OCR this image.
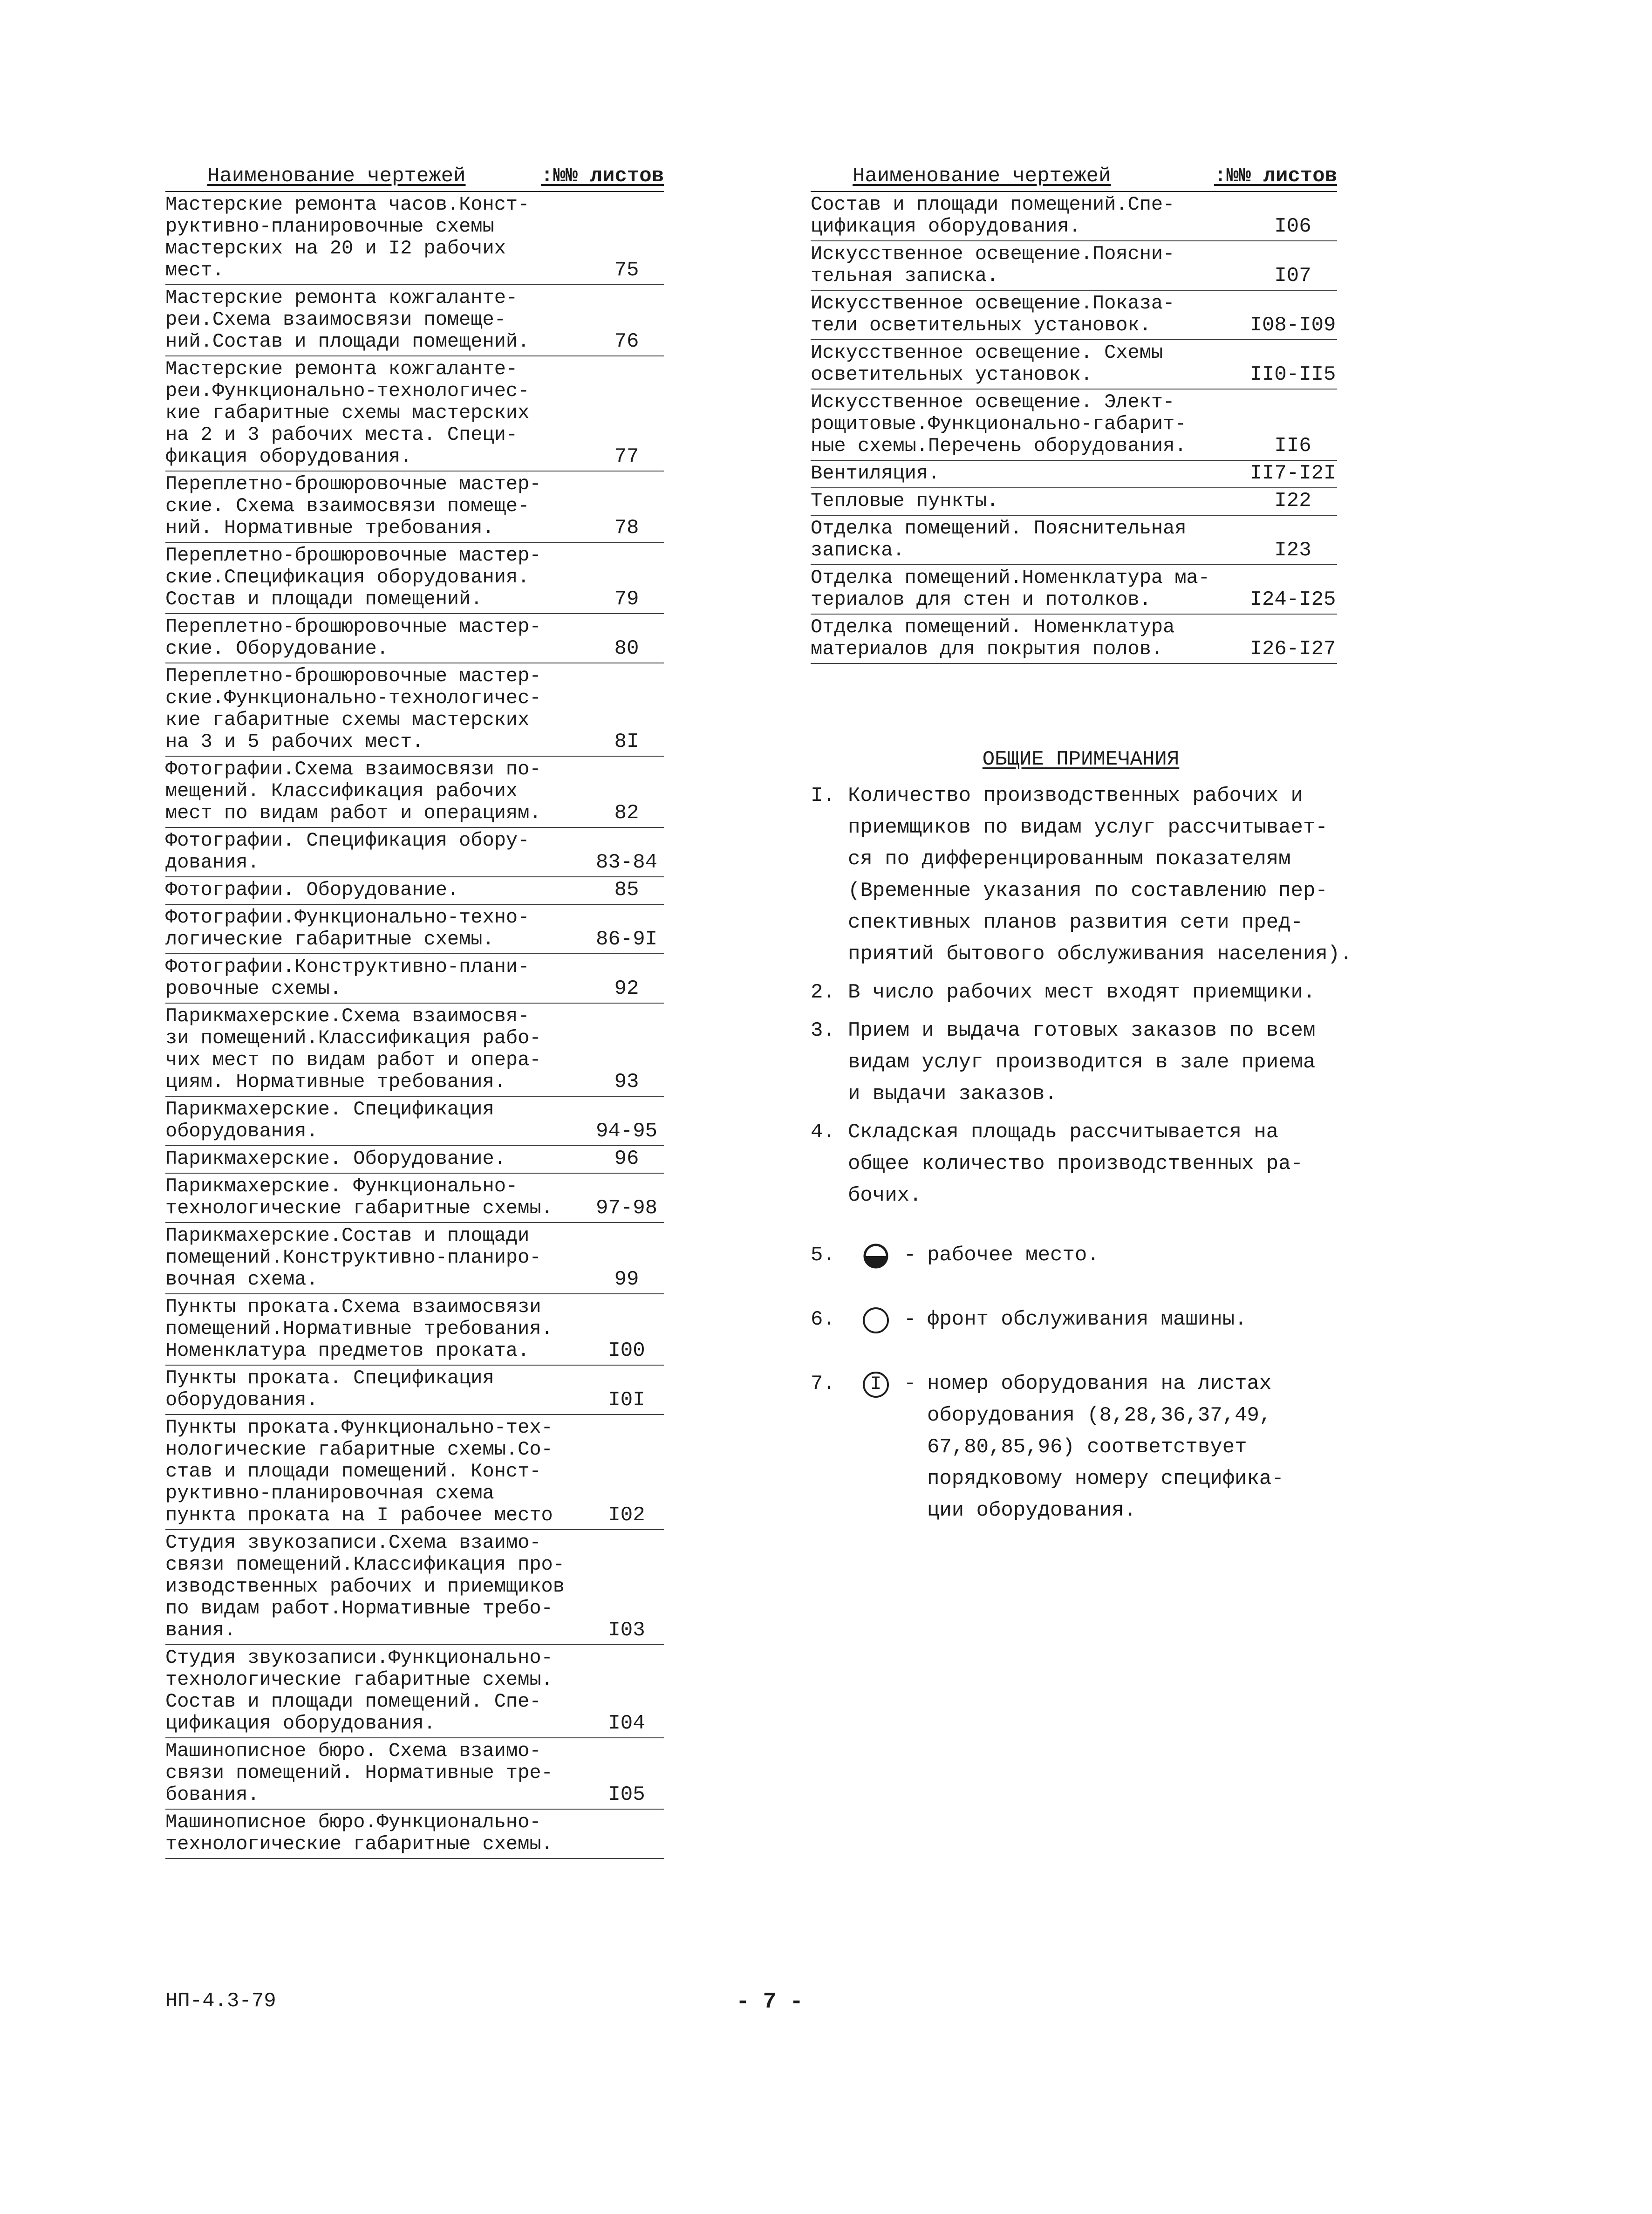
Наименование чертежей	:№№ листов
Мастерские ремонта часов.Конст-
руктивно-планировочные схемы
мастерских на 20 и I2 рабочих
мест.	75
Мастерские ремонта кожгалантe-
реи.Схема взаимосвязи помеще-
ний.Состав и площади помещений.	76
Мастерские ремонта кожгаланте-
реи.Функционально-технологичес-
кие габаритные схемы мастерских
на 2 и 3 рабочих места. Специ-
фикация оборудования.	77
Переплетно-брошюровочные мастер-
ские. Схема взаимосвязи помеще-
ний. Нормативные требования.	78
Переплетно-брошюровочные мастер-
ские.Спецификация оборудования.
Состав и площади помещений.	79
Переплетно-брошюровочные мастер-
ские. Оборудование.	80
Переплетно-брошюровочные мастер-
ские.Функционально-технологичес-
кие габаритные схемы мастерских
на 3 и 5 рабочих мест.	8I
Фотографии.Схема взаимосвязи по-
мещений. Классификация рабочих
мест по видам работ и операциям.	82
Фотографии. Спецификация обору-
дования.	83-84
Фотографии. Оборудование.	85
Фотографии.Функционально-техно-
логические габаритные схемы.	86-9I
Фотографии.Конструктивно-плани-
ровочные схемы.	92
Парикмахерские.Схема взаимосвя-
зи помещений.Классификация рабо-
чих мест по видам работ и опера-
циям. Нормативные требования.	93
Парикмахерские. Спецификация
оборудования.	94-95
Парикмахерские. Оборудование.	96
Парикмахерские. Функционально-
технологические габаритные схемы.	97-98
Парикмахерские.Состав и площади
помещений.Конструктивно-планиро-
вочная схема.	99
Пункты проката.Схема взаимосвязи
помещений.Нормативные требования.
Номенклатура предметов проката.	I00
Пункты проката. Спецификация
оборудования.	I0I
Пункты проката.Функционально-тех-
нологические габаритные схемы.Со-
став и площади помещений. Конст-
руктивно-планировочная схема
пункта проката на I рабочее место	I02
Студия звукозаписи.Схема взаимо-
связи помещений.Классификация про-
изводственных рабочих и приемщиков
по видам работ.Нормативные требо-
вания.	I03
Студия звукозаписи.Функционально-
технологические габаритные схемы.
Состав и площади помещений. Спе-
цификация оборудования.	I04
Машинописное бюро. Схема взаимо-
связи помещений. Нормативные тре-
бования.	I05
Машинописное бюро.Функционально-
технологические габаритные схемы.
Наименование чертежей	:№№ листов
Состав и площади помещений.Спе-
цификация оборудования.	I06
Искусственное освещение.Поясни-
тельная записка.	I07
Искусственное освещение.Показа-
тели осветительных установок.	I08-I09
Искусственное освещение. Схемы
осветительных установок.	II0-II5
Искусственное освещение. Элект-
рощитовые.Функционально-габарит-
ные схемы.Перечень оборудования.	II6
Вентиляция.	II7-I2I
Тепловые пункты.	I22
Отделка помещений. Пояснительная
записка.	I23
Отделка помещений.Номенклатура ма-
териалов для стен и потолков.	I24-I25
Отделка помещений. Номенклатура
материалов для покрытия полов.	I26-I27
ОБЩИЕ ПРИМЕЧАНИЯ
I. Количество производственных рабочих и
приемщиков по видам услуг рассчитывает-
ся по дифференцированным показателям
(Временные указания по составлению пер-
спективных планов развития сети пред-
приятий бытового обслуживания населения).
2. В число рабочих мест входят приемщики.
3. Прием и выдача готовых заказов по всем
видам услуг производится в зале приема
и выдачи заказов.
4. Складская площадь рассчитывается на
общее количество производственных ра-
бочих.
5.	- рабочее место.
6.	- фронт обслуживания машины.
7.	I	- номер оборудования на листах
оборудования (8,28,36,37,49,
67,80,85,96) соответствует
порядковому номеру специфика-
ции оборудования.
НП-4.3-79	- 7 -
